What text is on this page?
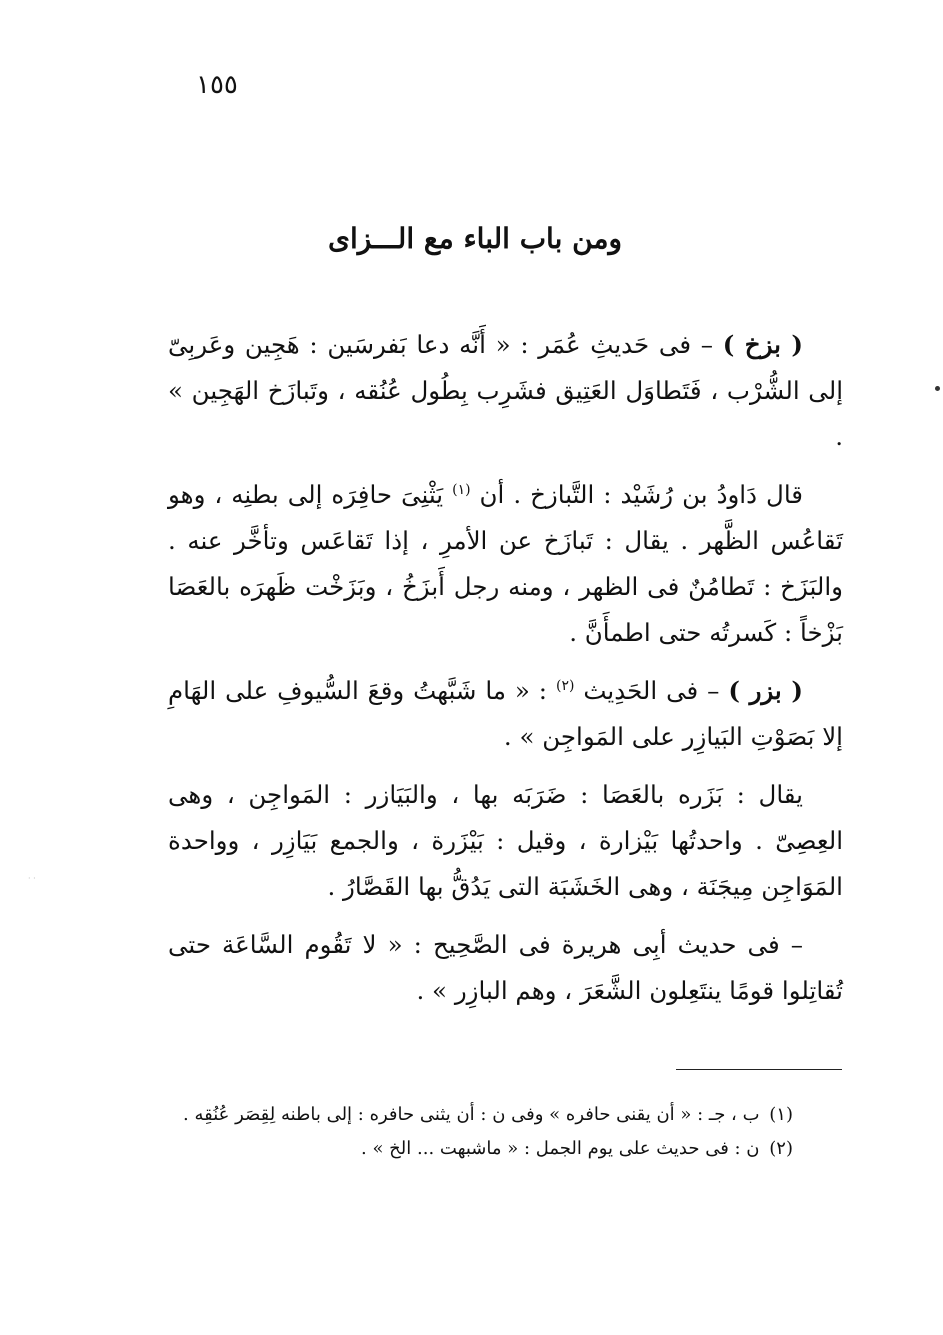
١٥٥
ومن باب الباء مع الـــزاى

( بزخ ) – فى حَديثِ عُمَر : « أَنَّه دعا بَفرسَين : هَجِين وعَربِىّ إلى الشُّرْب ، فَتَطاوَل العَتِيق فشَرِب بِطُول عُنُقه ، وتَبازَخ الهَجِين » .

قال دَاودُ بن رُشَيْد : التَّبازخ . أن $^{(١)}$ يَثْنِىَ حافِرَه إلى بطنِه ، وهو تَقاعُس الظَّهر . يقال : تَبازَخ عن الأمرِ ، إذا تَقاعَس وتأخَّر عنه . والبَزَخ : تَطامُنٌ فى الظهر ، ومنه رجل أَبزَخُ ، وبَزَخْت ظَهرَه بالعَصَا بَزْخاً : كَسرتُه حتى اطمأَنَّ .

( بزر ) – فى الحَدِيث $^{(٢)}$ : « ما شَبَّهتُ وقعَ السُّيوفِ على الهَامِ إلا بَصَوْتِ البَيازِر على المَواجِن » .

يقال : بَزَره بالعَصَا : ضَرَبَه بها ، والبَيَازر : المَواجِن ، وهى العِصِىّ . واحدتُها بَيْزارة ، وقيل : بَيْزَرة ، والجمع بَيَازِر ، وواحدة المَوَاجِن مِيجَنَة ، وهى الخَشَبَة التى يَدُقُّ بها القَصَّارُ .

– فى حديث أبِى هريرة فى الصَّحِيح : « لا تَقُوم السَّاعَة حتى تُقاتِلوا قومًا ينتَعِلون الشَّعَرَ ، وهم البازِر » .

(١) ب ، جـ : « أن يقنى حافره » وفى ن : أن يثنى حافره : إلى باطنه لِقِصَر عُنُقِه .

(٢) ن : فى حديث على يوم الجمل : « ماشبهت ... الخ » .

· ·
